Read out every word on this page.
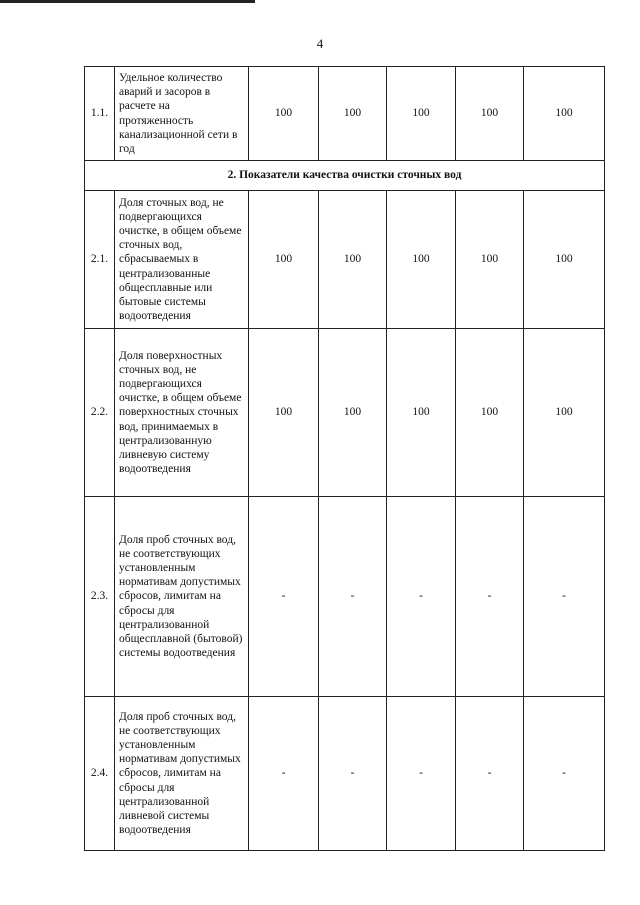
4
1.1.	Удельное количество аварий и засоров в расчете на протяженность канализационной сети в год	100	100	100	100	100
2. Показатели качества очистки сточных вод						
2.1.	Доля сточных вод, не подвергающихся очистке, в общем объеме сточных вод, сбрасываемых в централизованные общесплавные или бытовые системы водоотведения	100	100	100	100	100
2.2.	Доля поверхностных сточных вод, не подвергающихся очистке, в общем объеме поверхностных сточных вод, принимаемых в централизованную ливневую систему водоотведения	100	100	100	100	100
2.3.	Доля проб сточных вод, не соответствующих установленным нормативам допустимых сбросов, лимитам на сбросы для централизованной общесплавной (бытовой) системы водоотведения	-	-	-	-	-
2.4.	Доля проб сточных вод, не соответствующих установленным нормативам допустимых сбросов, лимитам на сбросы для централизованной ливневой системы водоотведения	-	-	-	-	-
